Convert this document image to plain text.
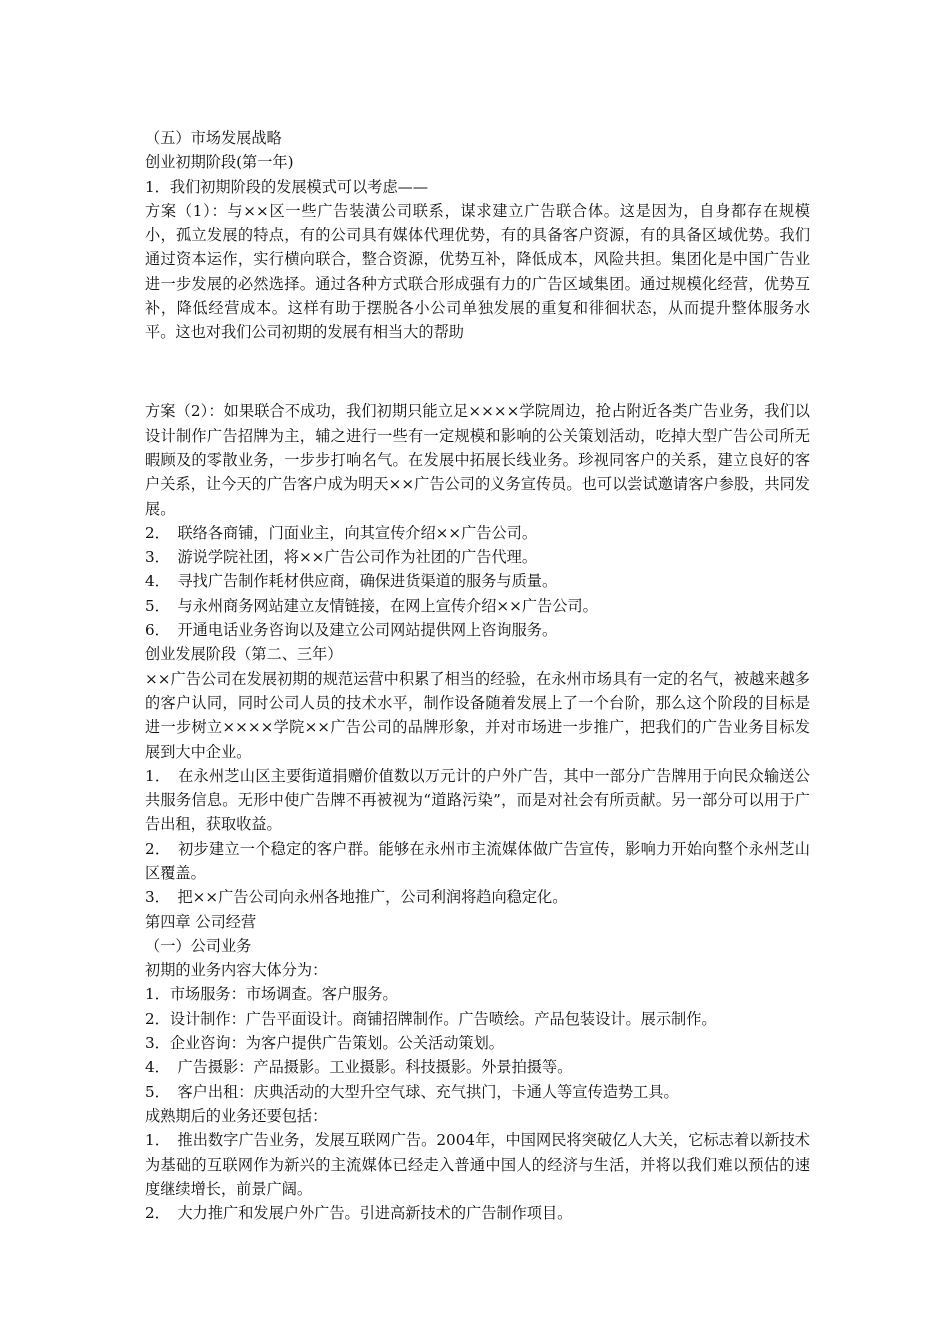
（五）市场发展战略

创业初期阶段(第一年)

1．我们初期阶段的发展模式可以考虑——

方案（1）：与××区一些广告装潢公司联系，谋求建立广告联合体。这是因为，自身都存在规模小，孤立发展的特点，有的公司具有媒体代理优势，有的具备客户资源，有的具备区域优势。我们通过资本运作，实行横向联合，整合资源，优势互补，降低成本，风险共担。集团化是中国广告业进一步发展的必然选择。通过各种方式联合形成强有力的广告区域集团。通过规模化经营，优势互补，降低经营成本。这样有助于摆脱各小公司单独发展的重复和徘徊状态，从而提升整体服务水平。这也对我们公司初期的发展有相当大的帮助

方案（2）：如果联合不成功，我们初期只能立足××××学院周边，抢占附近各类广告业务，我们以设计制作广告招牌为主，辅之进行一些有一定规模和影响的公关策划活动，吃掉大型广告公司所无暇顾及的零散业务，一步步打响名气。在发展中拓展长线业务。珍视同客户的关系，建立良好的客户关系，让今天的广告客户成为明天××广告公司的义务宣传员。也可以尝试邀请客户参股，共同发展。

2．　联络各商铺，门面业主，向其宣传介绍××广告公司。

3．　游说学院社团，将××广告公司作为社团的广告代理。

4．　寻找广告制作耗材供应商，确保进货渠道的服务与质量。

5．　与永州商务网站建立友情链接，在网上宣传介绍××广告公司。

6．　开通电话业务咨询以及建立公司网站提供网上咨询服务。

创业发展阶段（第二、三年）

××广告公司在发展初期的规范运营中积累了相当的经验，在永州市场具有一定的名气，被越来越多的客户认同，同时公司人员的技术水平，制作设备随着发展上了一个台阶，那么这个阶段的目标是进一步树立××××学院××广告公司的品牌形象，并对市场进一步推广，把我们的广告业务目标发展到大中企业。

1．　在永州芝山区主要街道捐赠价值数以万元计的户外广告，其中一部分广告牌用于向民众输送公共服务信息。无形中使广告牌不再被视为“道路污染”，而是对社会有所贡献。另一部分可以用于广告出租，获取收益。

2．　初步建立一个稳定的客户群。能够在永州市主流媒体做广告宣传，影响力开始向整个永州芝山区覆盖。

3．　把××广告公司向永州各地推广，公司利润将趋向稳定化。

第四章 公司经营

（一）公司业务

初期的业务内容大体分为：

1．市场服务：市场调查。客户服务。

2．设计制作：广告平面设计。商铺招牌制作。广告喷绘。产品包装设计。展示制作。

3．企业咨询：为客户提供广告策划。公关活动策划。

4．　广告摄影：产品摄影。工业摄影。科技摄影。外景拍摄等。

5．　客户出租：庆典活动的大型升空气球、充气拱门，卡通人等宣传造势工具。

成熟期后的业务还要包括：

1．　推出数字广告业务，发展互联网广告。2004年，中国网民将突破亿人大关，它标志着以新技术为基础的互联网作为新兴的主流媒体已经走入普通中国人的经济与生活，并将以我们难以预估的速度继续增长，前景广阔。

2．　大力推广和发展户外广告。引进高新技术的广告制作项目。
